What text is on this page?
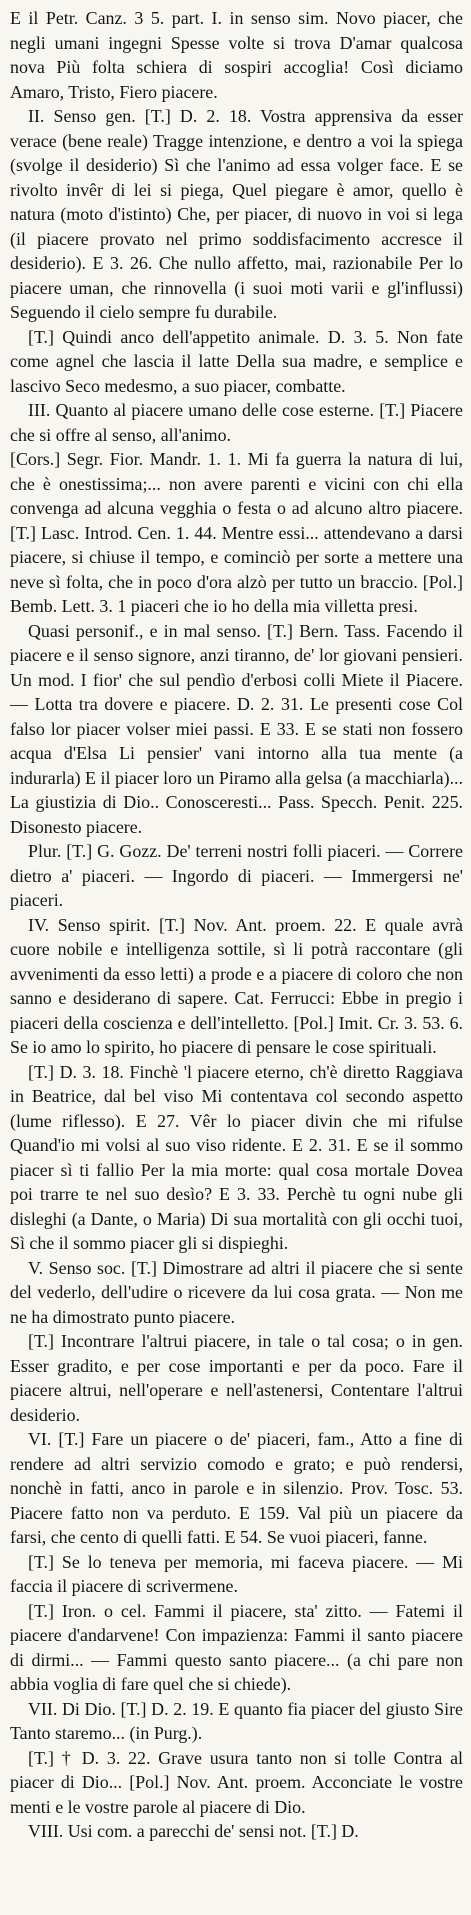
E il Petr. Canz. 3 5. part. I. in senso sim. Novo piacer, che negli umani ingegni Spesse volte si trova D'amar qualcosa nova Più folta schiera di sospiri accoglia! Così diciamo Amaro, Tristo, Fiero piacere.

II. Senso gen. [T.] D. 2. 18. Vostra apprensiva da esser verace (bene reale) Tragge intenzione, e dentro a voi la spiega (svolge il desiderio) Sì che l'animo ad essa volger face. E se rivolto invêr di lei si piega, Quel piegare è amor, quello è natura (moto d'istinto) Che, per piacer, di nuovo in voi si lega (il piacere provato nel primo soddisfacimento accresce il desiderio). E 3. 26. Che nullo affetto, mai, razionabile Per lo piacere uman, che rinnovella (i suoi moti varii e gl'influssi) Seguendo il cielo sempre fu durabile.

[T.] Quindi anco dell'appetito animale. D. 3. 5. Non fate come agnel che lascia il latte Della sua madre, e semplice e lascivo Seco medesmo, a suo piacer, combatte.

III. Quanto al piacere umano delle cose esterne. [T.] Piacere che si offre al senso, all'animo.

[Cors.] Segr. Fior. Mandr. 1. 1. Mi fa guerra la natura di lui, che è onestissima;... non avere parenti e vicini con chi ella convenga ad alcuna vegghia o festa o ad alcuno altro piacere. [T.] Lasc. Introd. Cen. 1. 44. Mentre essi... attendevano a darsi piacere, si chiuse il tempo, e cominciò per sorte a mettere una neve sì folta, che in poco d'ora alzò per tutto un braccio. [Pol.] Bemb. Lett. 3. 1 piaceri che io ho della mia villetta presi.

Quasi personif., e in mal senso. [T.] Bern. Tass. Facendo il piacere e il senso signore, anzi tiranno, de' lor giovani pensieri. Un mod. I fior' che sul pendìo d'erbosi colli Miete il Piacere. — Lotta tra dovere e piacere. D. 2. 31. Le presenti cose Col falso lor piacer volser miei passi. E 33. E se stati non fossero acqua d'Elsa Li pensier' vani intorno alla tua mente (a indurarla) E il piacer loro un Piramo alla gelsa (a macchiarla)... La giustizia di Dio.. Conosceresti... Pass. Specch. Penit. 225. Disonesto piacere.

Plur. [T.] G. Gozz. De' terreni nostri folli piaceri. — Correre dietro a' piaceri. — Ingordo di piaceri. — Immergersi ne' piaceri.

IV. Senso spirit. [T.] Nov. Ant. proem. 22. E quale avrà cuore nobile e intelligenza sottile, sì li potrà raccontare (gli avvenimenti da esso letti) a prode e a piacere di coloro che non sanno e desiderano di sapere. Cat. Ferrucci: Ebbe in pregio i piaceri della coscienza e dell'intelletto. [Pol.] Imit. Cr. 3. 53. 6. Se io amo lo spirito, ho piacere di pensare le cose spirituali.

[T.] D. 3. 18. Finchè 'l piacere eterno, ch'è diretto Raggiava in Beatrice, dal bel viso Mi contentava col secondo aspetto (lume riflesso). E 27. Vêr lo piacer divin che mi rifulse Quand'io mi volsi al suo viso ridente. E 2. 31. E se il sommo piacer sì ti fallio Per la mia morte: qual cosa mortale Dovea poi trarre te nel suo desìo? E 3. 33. Perchè tu ogni nube gli disleghi (a Dante, o Maria) Di sua mortalità con gli occhi tuoi, Sì che il sommo piacer gli si dispieghi.

V. Senso soc. [T.] Dimostrare ad altri il piacere che si sente del vederlo, dell'udire o ricevere da lui cosa grata. — Non me ne ha dimostrato punto piacere.

[T.] Incontrare l'altrui piacere, in tale o tal cosa; o in gen. Esser gradito, e per cose importanti e per da poco. Fare il piacere altrui, nell'operare e nell'astenersi, Contentare l'altrui desiderio.

VI. [T.] Fare un piacere o de' piaceri, fam., Atto a fine di rendere ad altri servizio comodo e grato; e può rendersi, nonchè in fatti, anco in parole e in silenzio. Prov. Tosc. 53. Piacere fatto non va perduto. E 159. Val più un piacere da farsi, che cento di quelli fatti. E 54. Se vuoi piaceri, fanne.

[T.] Se lo teneva per memoria, mi faceva piacere. — Mi faccia il piacere di scrivermene.

[T.] Iron. o cel. Fammi il piacere, sta' zitto. — Fatemi il piacere d'andarvene! Con impazienza: Fammi il santo piacere di dirmi... — Fammi questo santo piacere... (a chi pare non abbia voglia di fare quel che si chiede).

VII. Di Dio. [T.] D. 2. 19. E quanto fia piacer del giusto Sire Tanto staremo... (in Purg.).

[T.] † D. 3. 22. Grave usura tanto non si tolle Contra al piacer di Dio... [Pol.] Nov. Ant. proem. Acconciate le vostre menti e le vostre parole al piacere di Dio.

VIII. Usi com. a parecchi de' sensi not. [T.] D.
